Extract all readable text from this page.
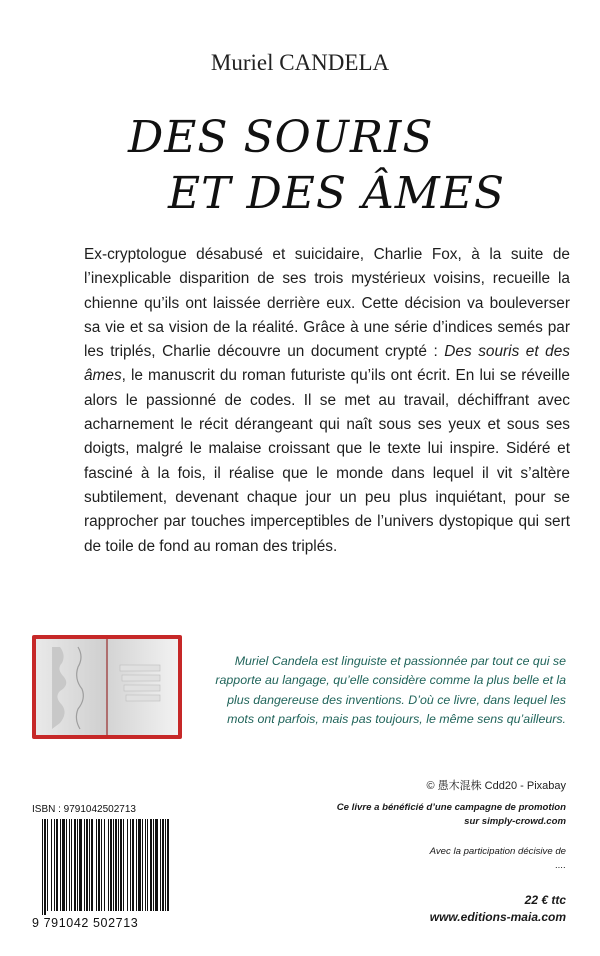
Muriel CANDELA
DES SOURIS
ET DES ÂMES

Ex-cryptologue désabusé et suicidaire, Charlie Fox, à la suite de l’inexplicable disparition de ses trois mystérieux voisins, recueille la chienne qu’ils ont laissée derrière eux. Cette décision va bouleverser sa vie et sa vision de la réalité. Grâce à une série d’indices semés par les triplés, Charlie découvre un document crypté : Des souris et des âmes, le manuscrit du roman futuriste qu’ils ont écrit. En lui se réveille alors le passionné de codes. Il se met au travail, déchiffrant avec acharnement le récit dérangeant qui naît sous ses yeux et sous ses doigts, malgré le malaise croissant que le texte lui inspire. Sidéré et fasciné à la fois, il réalise que le monde dans lequel il vit s’altère subtilement, devenant chaque jour un peu plus inquiétant, pour se rapprocher par touches imperceptibles de l’univers dystopique qui sert de toile de fond au roman des triplés.

Muriel Candela est linguiste et passionnée par tout ce qui se rapporte au langage, qu’elle considère comme la plus belle et la plus dangereuse des inventions. D’où ce livre, dans lequel les mots ont parfois, mais pas toujours, le même sens qu’ailleurs.
© 愚木混株 Cdd20 - Pixabay
Ce livre a bénéficié d’une campagne de promotion
sur simply-crowd.com
Avec la participation décisive de
....
22 € ttc
www.editions-maia.com
ISBN : 9791042502713
9 791042 502713
